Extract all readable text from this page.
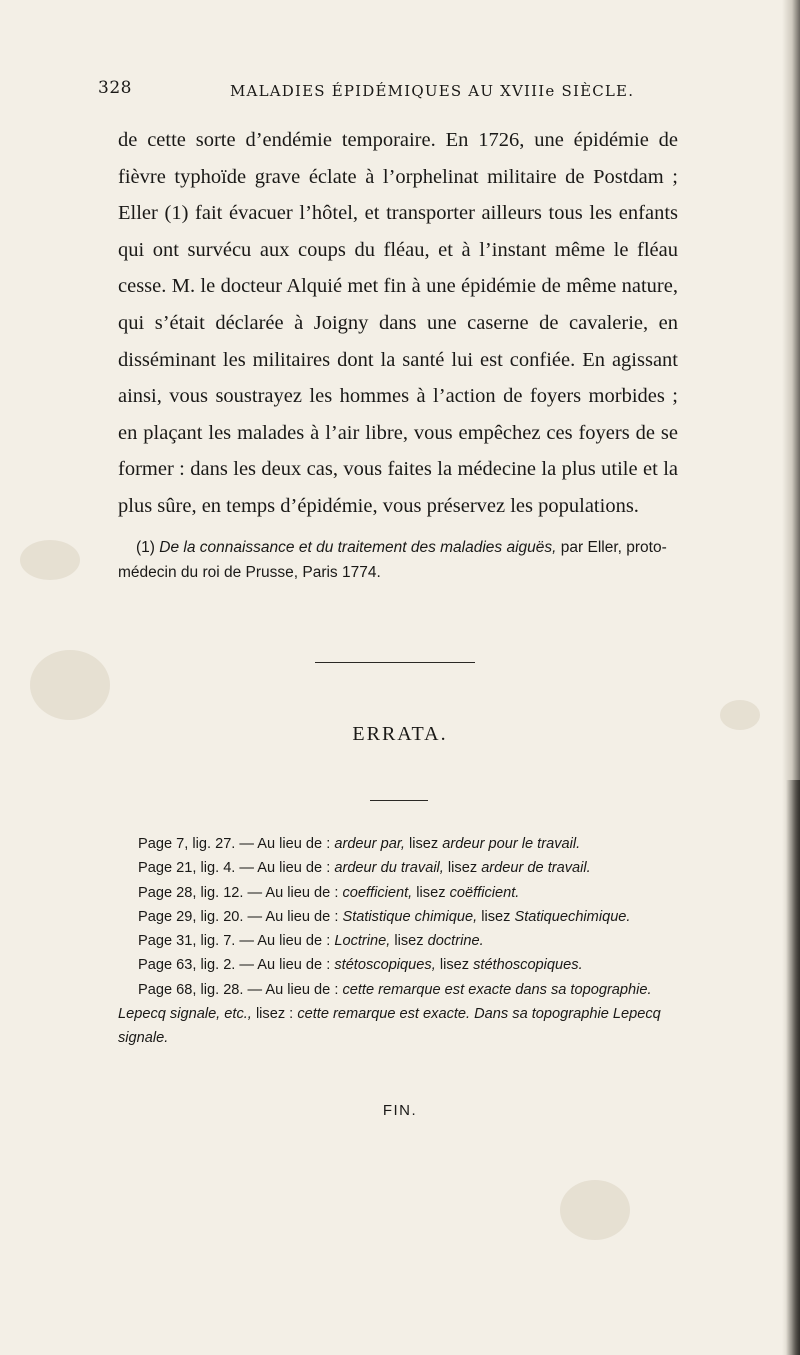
328	MALADIES ÉPIDÉMIQUES AU XVIIIe SIÈCLE.

de cette sorte d’endémie temporaire. En 1726, une épidémie de fièvre typhoïde grave éclate à l’orphelinat militaire de Postdam ; Eller (1) fait évacuer l’hôtel, et transporter ailleurs tous les enfants qui ont survécu aux coups du fléau, et à l’instant même le fléau cesse. M. le docteur Alquié met fin à une épidémie de même nature, qui s’était déclarée à Joigny dans une caserne de cavalerie, en disséminant les militaires dont la santé lui est confiée. En agissant ainsi, vous soustrayez les hommes à l’action de foyers morbides ; en plaçant les malades à l’air libre, vous empêchez ces foyers de se former : dans les deux cas, vous faites la médecine la plus utile et la plus sûre, en temps d’épidémie, vous préservez les populations.

(1) De la connaissance et du traitement des maladies aiguës, par Eller, proto-médecin du roi de Prusse, Paris 1774.
ERRATA.

Page 7, lig. 27. — Au lieu de : ardeur par, lisez ardeur pour le travail.

Page 21, lig. 4. — Au lieu de : ardeur du travail, lisez ardeur de travail.

Page 28, lig. 12. — Au lieu de : coefficient, lisez coëfficient.

Page 29, lig. 20. — Au lieu de : Statistique chimique, lisez Statiquechimique.

Page 31, lig. 7. — Au lieu de : Loctrine, lisez doctrine.

Page 63, lig. 2. — Au lieu de : stétoscopiques, lisez stéthoscopiques.

Page 68, lig. 28. — Au lieu de : cette remarque est exacte dans sa topographie. Lepecq signale, etc., lisez : cette remarque est exacte. Dans sa topographie Lepecq signale.

FIN.
